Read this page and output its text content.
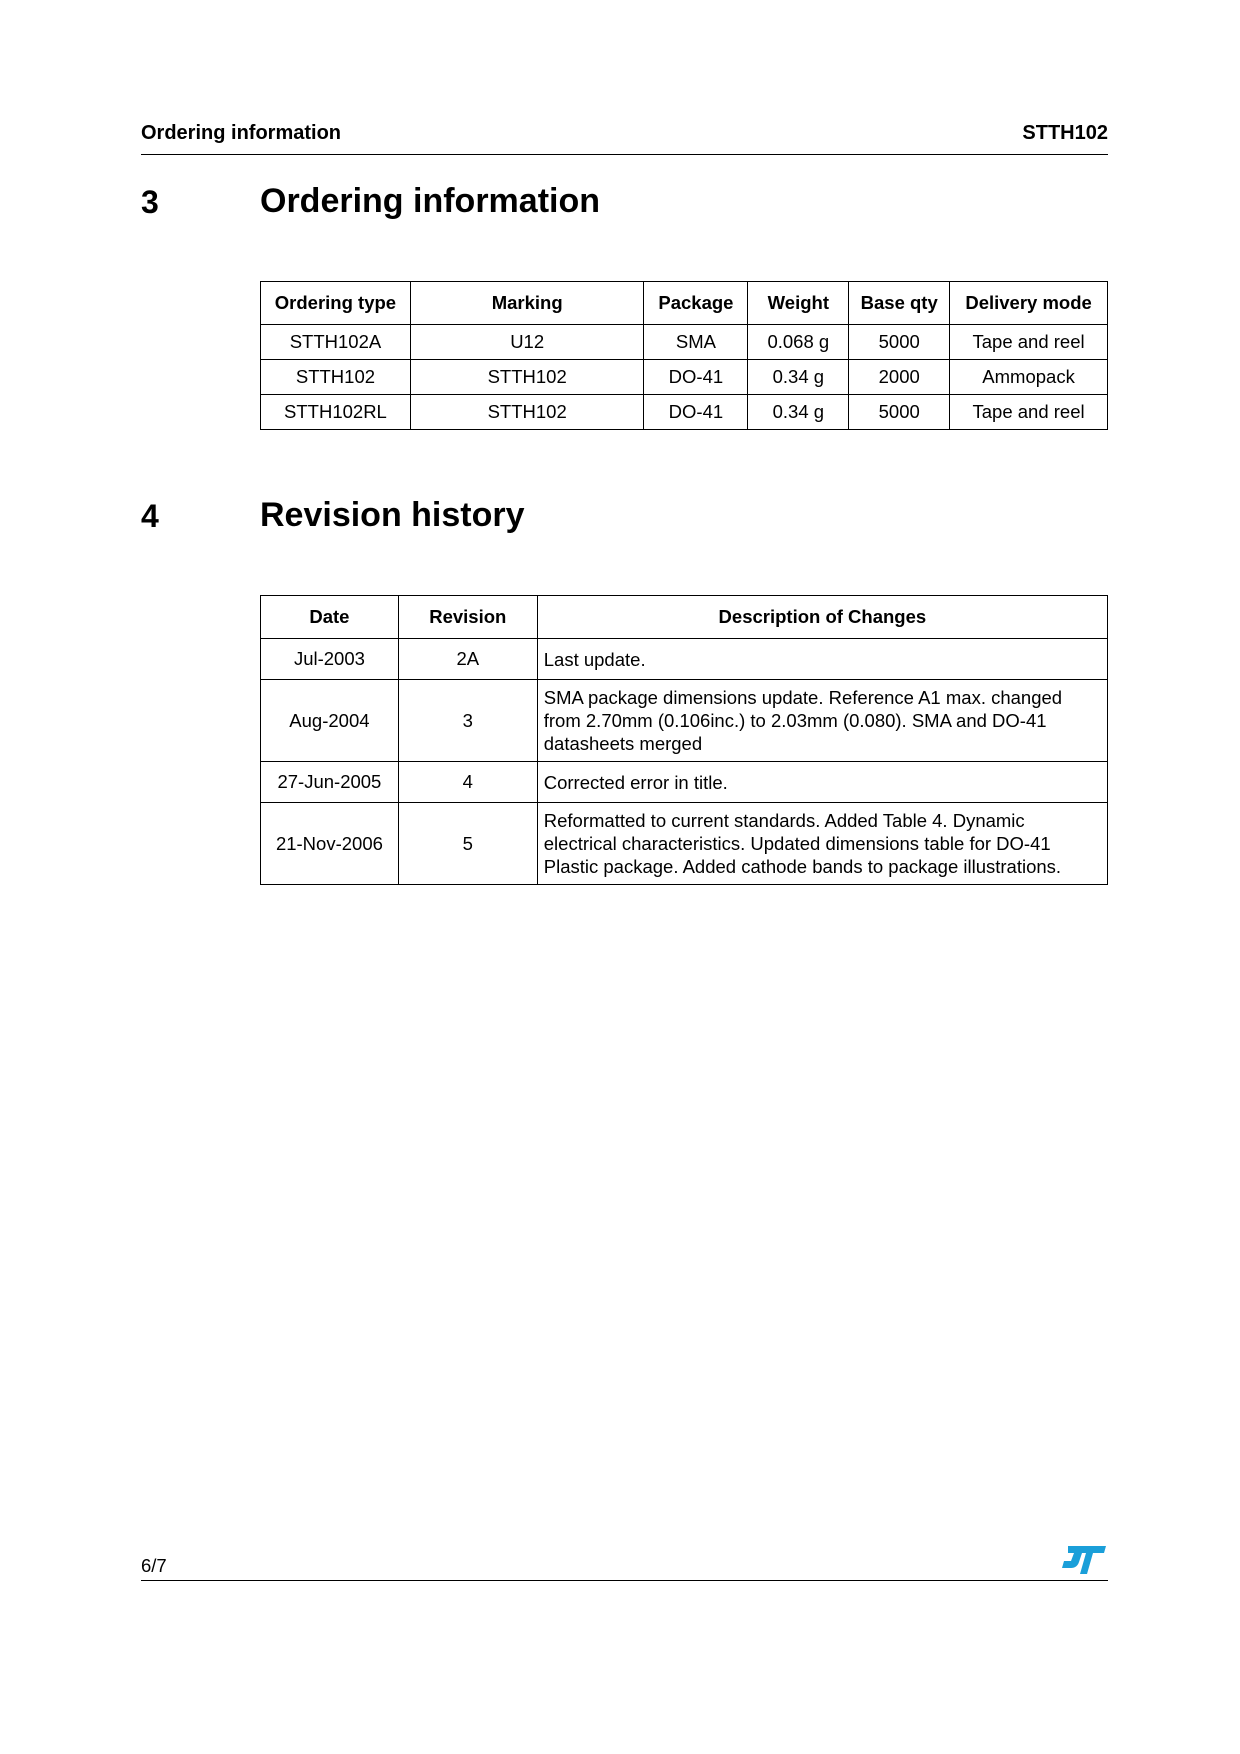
Ordering information	STTH102
3	Ordering information
Ordering type	Marking	Package	Weight	Base qty	Delivery mode
STTH102A	U12	SMA	0.068 g	5000	Tape and reel
STTH102	STTH102	DO-41	0.34 g	2000	Ammopack
STTH102RL	STTH102	DO-41	0.34 g	5000	Tape and reel
4	Revision history
Date	Revision	Description of Changes
Jul-2003	2A	Last update.
Aug-2004	3	SMA package dimensions update. Reference A1 max. changed from 2.70mm (0.106inc.) to 2.03mm (0.080). SMA and DO-41 datasheets merged
27-Jun-2005	4	Corrected error in title.
21-Nov-2006	5	Reformatted to current standards. Added Table 4. Dynamic electrical characteristics. Updated dimensions table for DO-41 Plastic package. Added cathode bands to package illustrations.
6/7
